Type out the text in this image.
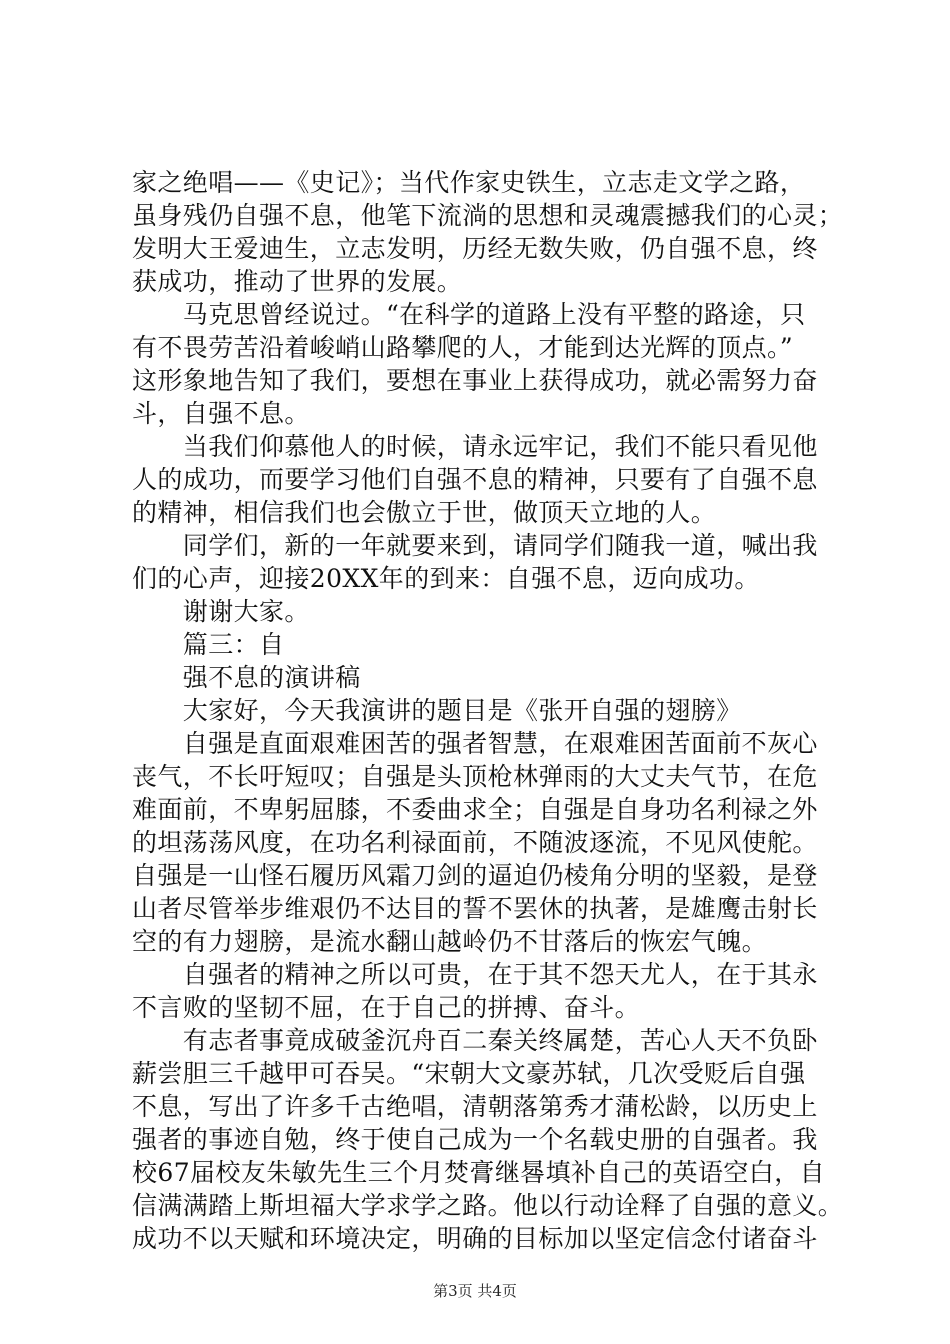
家之绝唱——《史记》；当代作家史铁生，立志走文学之路，
虽身残仍自强不息，他笔下流淌的思想和灵魂震撼我们的心灵；
发明大王爱迪生，立志发明，历经无数失败，仍自强不息，终
获成功，推动了世界的发展。
　　马克思曾经说过。“在科学的道路上没有平整的路途，只
有不畏劳苦沿着峻峭山路攀爬的人，才能到达光辉的顶点。”
这形象地告知了我们，要想在事业上获得成功，就必需努力奋
斗，自强不息。
　　当我们仰慕他人的时候，请永远牢记，我们不能只看见他
人的成功，而要学习他们自强不息的精神，只要有了自强不息
的精神，相信我们也会傲立于世，做顶天立地的人。
　　同学们，新的一年就要来到，请同学们随我一道，喊出我
们的心声，迎接20XX年的到来：自强不息，迈向成功。
　　谢谢大家。
　　篇三：自
　　强不息的演讲稿
　　大家好，今天我演讲的题目是《张开自强的翅膀》
　　自强是直面艰难困苦的强者智慧，在艰难困苦面前不灰心
丧气，不长吁短叹；自强是头顶枪林弹雨的大丈夫气节，在危
难面前，不卑躬屈膝，不委曲求全；自强是自身功名利禄之外
的坦荡荡风度，在功名利禄面前，不随波逐流，不见风使舵。
自强是一山怪石履历风霜刀剑的逼迫仍棱角分明的坚毅，是登
山者尽管举步维艰仍不达目的誓不罢休的执著，是雄鹰击射长
空的有力翅膀，是流水翻山越岭仍不甘落后的恢宏气魄。
　　自强者的精神之所以可贵，在于其不怨天尤人，在于其永
不言败的坚韧不屈，在于自己的拼搏、奋斗。
　　有志者事竟成破釜沉舟百二秦关终属楚，苦心人天不负卧
薪尝胆三千越甲可吞吴。“宋朝大文豪苏轼，几次受贬后自强
不息，写出了许多千古绝唱，清朝落第秀才蒲松龄，以历史上
强者的事迹自勉，终于使自己成为一个名载史册的自强者。我
校67届校友朱敏先生三个月焚膏继晷填补自己的英语空白，自
信满满踏上斯坦福大学求学之路。他以行动诠释了自强的意义。
成功不以天赋和环境决定，明确的目标加以坚定信念付诸奋斗
第3页 共4页
